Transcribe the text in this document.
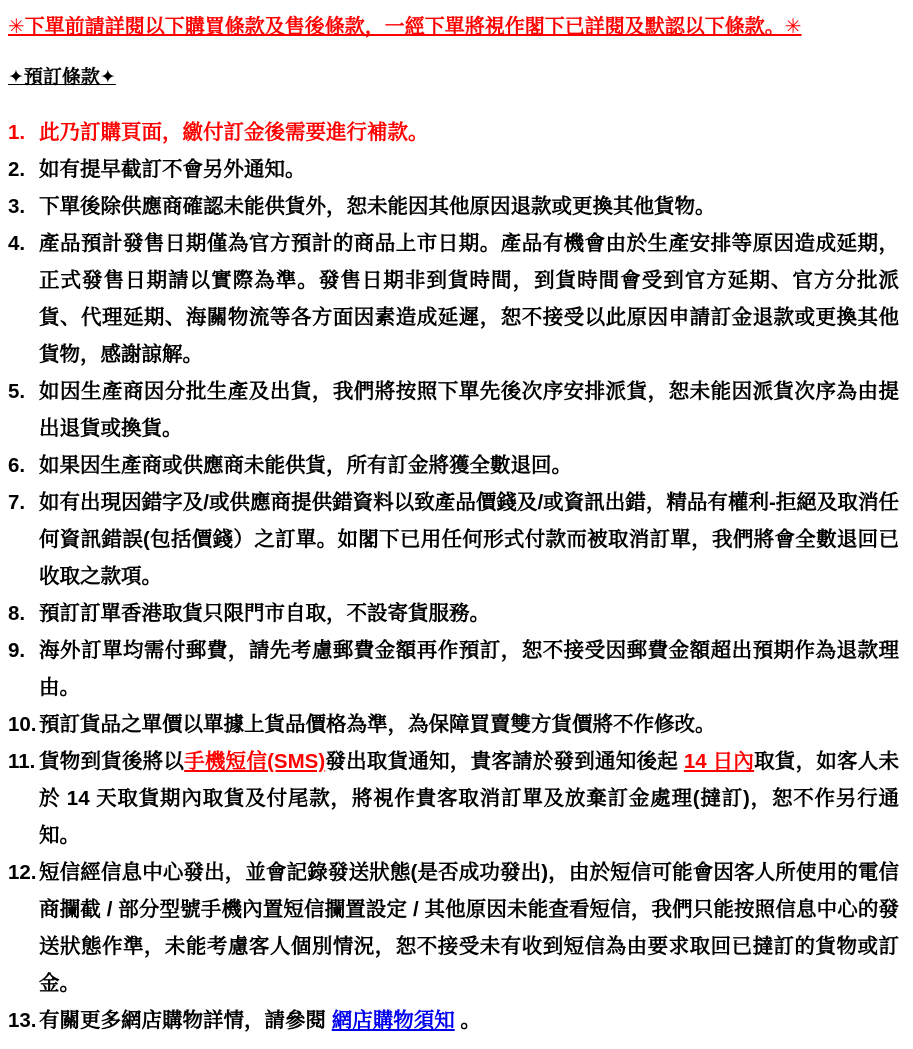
✳下單前請詳閱以下購買條款及售後條款，一經下單將視作閣下已詳閱及默認以下條款。✳
✦預訂條款✦
1. 此乃訂購頁面，繳付訂金後需要進行補款。
2. 如有提早截訂不會另外通知。
3. 下單後除供應商確認未能供貨外，恕未能因其他原因退款或更換其他貨物。
4. 產品預計發售日期僅為官方預計的商品上市日期。產品有機會由於生產安排等原因造成延期，正式發售日期請以實際為準。發售日期非到貨時間，到貨時間會受到官方延期、官方分批派貨、代理延期、海關物流等各方面因素造成延遲，恕不接受以此原因申請訂金退款或更換其他貨物，感謝諒解。
5. 如因生產商因分批生產及出貨，我們將按照下單先後次序安排派貨，恕未能因派貨次序為由提出退貨或換貨。
6. 如果因生產商或供應商未能供貨，所有訂金將獲全數退回。
7. 如有出現因錯字及/或供應商提供錯資料以致產品價錢及/或資訊出錯，精品有權利-拒絕及取消任何資訊錯誤(包括價錢）之訂單。如閣下已用任何形式付款而被取消訂單，我們將會全數退回已收取之款項。
8. 預訂訂單香港取貨只限門市自取，不設寄貨服務。
9. 海外訂單均需付郵費，請先考慮郵費金額再作預訂，恕不接受因郵費金額超出預期作為退款理由。
10. 預訂貨品之單價以單據上貨品價格為準，為保障買賣雙方貨價將不作修改。
11. 貨物到貨後將以手機短信(SMS)發出取貨通知，貴客請於發到通知後起 14 日內取貨，如客人未於 14 天取貨期內取貨及付尾款，將視作貴客取消訂單及放棄訂金處理(撻訂)，恕不作另行通知。
12. 短信經信息中心發出，並會記錄發送狀態(是否成功發出)，由於短信可能會因客人所使用的電信商攔截 / 部分型號手機內置短信攔置設定 / 其他原因未能查看短信，我們只能按照信息中心的發送狀態作準，未能考慮客人個別情況，恕不接受未有收到短信為由要求取回已撻訂的貨物或訂金。
13. 有關更多網店購物詳情，請參閱 網店購物須知 。
